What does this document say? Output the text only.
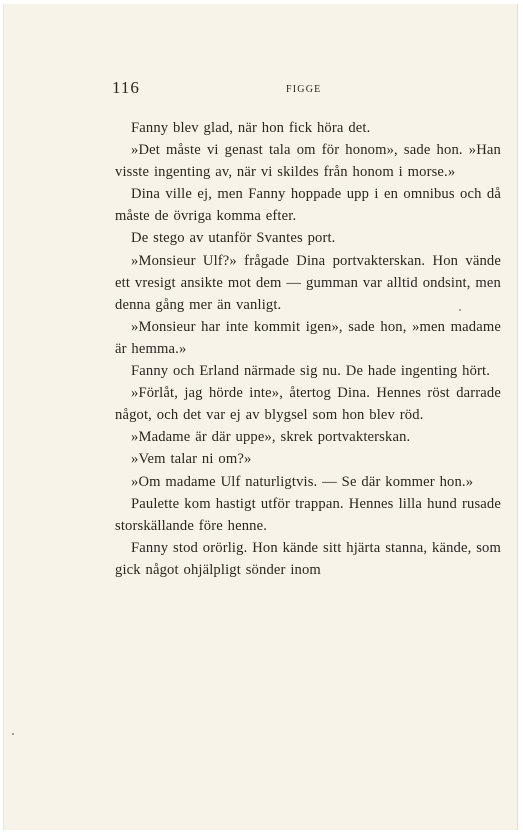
116	FIGGE

Fanny blev glad, när hon fick höra det.

»Det måste vi genast tala om för honom», sade hon. »Han visste ingenting av, när vi skildes från honom i morse.»

Dina ville ej, men Fanny hoppade upp i en omnibus och då måste de övriga komma efter.

De stego av utanför Svantes port.

»Monsieur Ulf?» frågade Dina portvakterskan. Hon vände ett vresigt ansikte mot dem — gumman var alltid ondsint, men denna gång mer än vanligt.

»Monsieur har inte kommit igen», sade hon, »men madame är hemma.»

Fanny och Erland närmade sig nu. De hade ingenting hört.

»Förlåt, jag hörde inte», återtog Dina. Hennes röst darrade något, och det var ej av blygsel som hon blev röd.

»Madame är där uppe», skrek portvakterskan.

»Vem talar ni om?»

»Om madame Ulf naturligtvis. — Se där kommer hon.»

Paulette kom hastigt utför trappan. Hennes lilla hund rusade storskällande före henne.

Fanny stod orörlig. Hon kände sitt hjärta stanna, kände, som gick något ohjälpligt sönder inom
